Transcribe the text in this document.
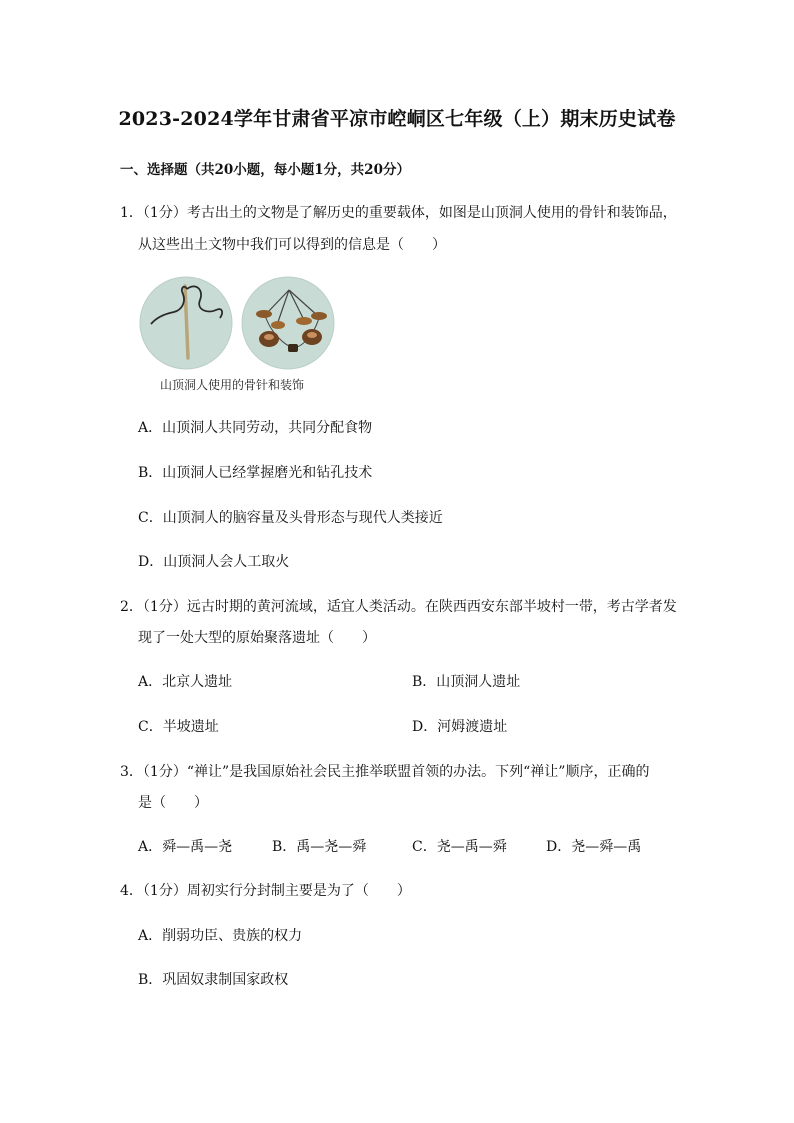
2023-2024学年甘肃省平凉市崆峒区七年级（上）期末历史试卷
一、选择题（共20小题，每小题1分，共20分）
1．（1分）考古出土的文物是了解历史的重要载体，如图是山顶洞人使用的骨针和装饰品，
从这些出土文物中我们可以得到的信息是（　　）
山顶洞人使用的骨针和装饰
A．山顶洞人共同劳动，共同分配食物
B．山顶洞人已经掌握磨光和钻孔技术
C．山顶洞人的脑容量及头骨形态与现代人类接近
D．山顶洞人会人工取火
2．（1分）远古时期的黄河流域，适宜人类活动。在陕西西安东部半坡村一带，考古学者发
现了一处大型的原始聚落遗址（　　）
A．北京人遗址	B．山顶洞人遗址
C．半坡遗址	D．河姆渡遗址
3．（1分）“禅让”是我国原始社会民主推举联盟首领的办法。下列“禅让”顺序，正确的
是（　　）
A．舜—禹—尧	B．禹—尧—舜	C．尧—禹—舜	D．尧—舜—禹
4．（1分）周初实行分封制主要是为了（　　）
A．削弱功臣、贵族的权力
B．巩固奴隶制国家政权
